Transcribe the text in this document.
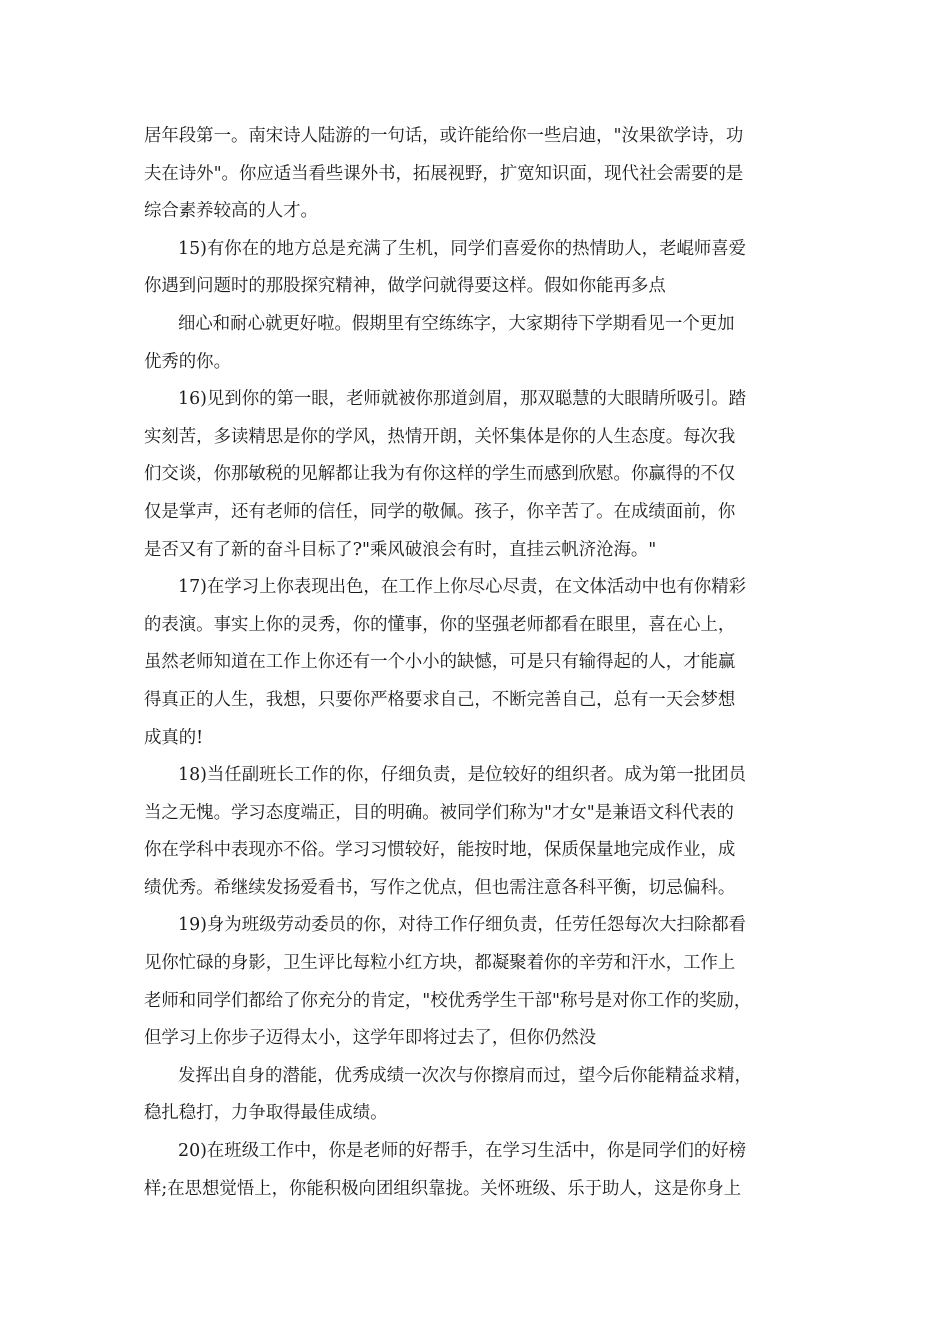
居年段第一。南宋诗人陆游的一句话，或许能给你一些启迪，"汝果欲学诗，功
夫在诗外"。你应适当看些课外书，拓展视野，扩宽知识面，现代社会需要的是
综合素养较高的人才。
15)有你在的地方总是充满了生机，同学们喜爱你的热情助人，老崐师喜爱
你遇到问题时的那股探究精神，做学问就得要这样。假如你能再多点
细心和耐心就更好啦。假期里有空练练字，大家期待下学期看见一个更加
优秀的你。
16)见到你的第一眼，老师就被你那道剑眉，那双聪慧的大眼睛所吸引。踏
实刻苦，多读精思是你的学风，热情开朗，关怀集体是你的人生态度。每次我
们交谈，你那敏税的见解都让我为有你这样的学生而感到欣慰。你赢得的不仅
仅是掌声，还有老师的信任，同学的敬佩。孩子，你辛苦了。在成绩面前，你
是否又有了新的奋斗目标了?"乘风破浪会有时，直挂云帆济沧海。"
17)在学习上你表现出色，在工作上你尽心尽责，在文体活动中也有你精彩
的表演。事实上你的灵秀，你的懂事，你的坚强老师都看在眼里，喜在心上，
虽然老师知道在工作上你还有一个小小的缺憾，可是只有输得起的人，才能赢
得真正的人生，我想，只要你严格要求自己，不断完善自己，总有一天会梦想
成真的!
18)当任副班长工作的你，仔细负责，是位较好的组织者。成为第一批团员
当之无愧。学习态度端正，目的明确。被同学们称为"才女"是兼语文科代表的
你在学科中表现亦不俗。学习习惯较好，能按时地，保质保量地完成作业，成
绩优秀。希继续发扬爱看书，写作之优点，但也需注意各科平衡，切忌偏科。
19)身为班级劳动委员的你，对待工作仔细负责，任劳任怨每次大扫除都看
见你忙碌的身影，卫生评比每粒小红方块，都凝聚着你的辛劳和汗水，工作上
老师和同学们都给了你充分的肯定，"校优秀学生干部"称号是对你工作的奖励，
但学习上你步子迈得太小，这学年即将过去了，但你仍然没
发挥出自身的潜能，优秀成绩一次次与你擦肩而过，望今后你能精益求精，
稳扎稳打，力争取得最佳成绩。
20)在班级工作中，你是老师的好帮手，在学习生活中，你是同学们的好榜
样;在思想觉悟上，你能积极向团组织靠拢。关怀班级、乐于助人，这是你身上
